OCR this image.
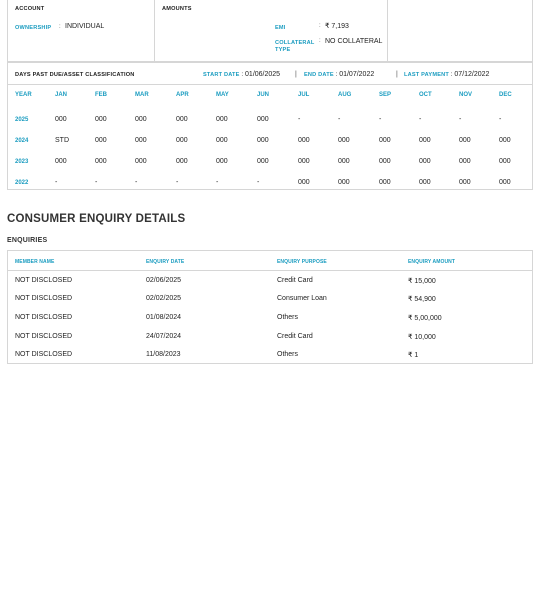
ACCOUNT
OWNERSHIP : INDIVIDUAL
AMOUNTS
EMI	: ₹ 7,193
COLLATERAL
TYPE
: NO COLLATERAL
DAYS PAST DUE/ASSET CLASSIFICATION	START DATE : 01/06/2025 | END DATE : 01/07/2022	| LAST PAYMENT : 07/12/2022
YEAR	JAN	FEB	MAR	APR	MAY	JUN	JUL	AUG	SEP	OCT	NOV	DEC
2025	000	000	000	000	000	000	-	-	-	-	-	-
2024	STD	000	000	000	000	000	000	000	000	000	000	000
2023	000	000	000	000	000	000	000	000	000	000	000	000
2022	-	-	-	-	-	-	000	000	000	000	000	000
CONSUMER ENQUIRY DETAILS
ENQUIRIES
MEMBER NAME	ENQUIRY DATE	ENQUIRY PURPOSE	ENQUIRY AMOUNT
NOT DISCLOSED	02/06/2025	Credit Card	₹ 15,000
NOT DISCLOSED	02/02/2025	Consumer Loan	₹ 54,900
NOT DISCLOSED	01/08/2024	Others	₹ 5,00,000
NOT DISCLOSED	24/07/2024	Credit Card	₹ 10,000
NOT DISCLOSED	11/08/2023	Others	₹ 1
